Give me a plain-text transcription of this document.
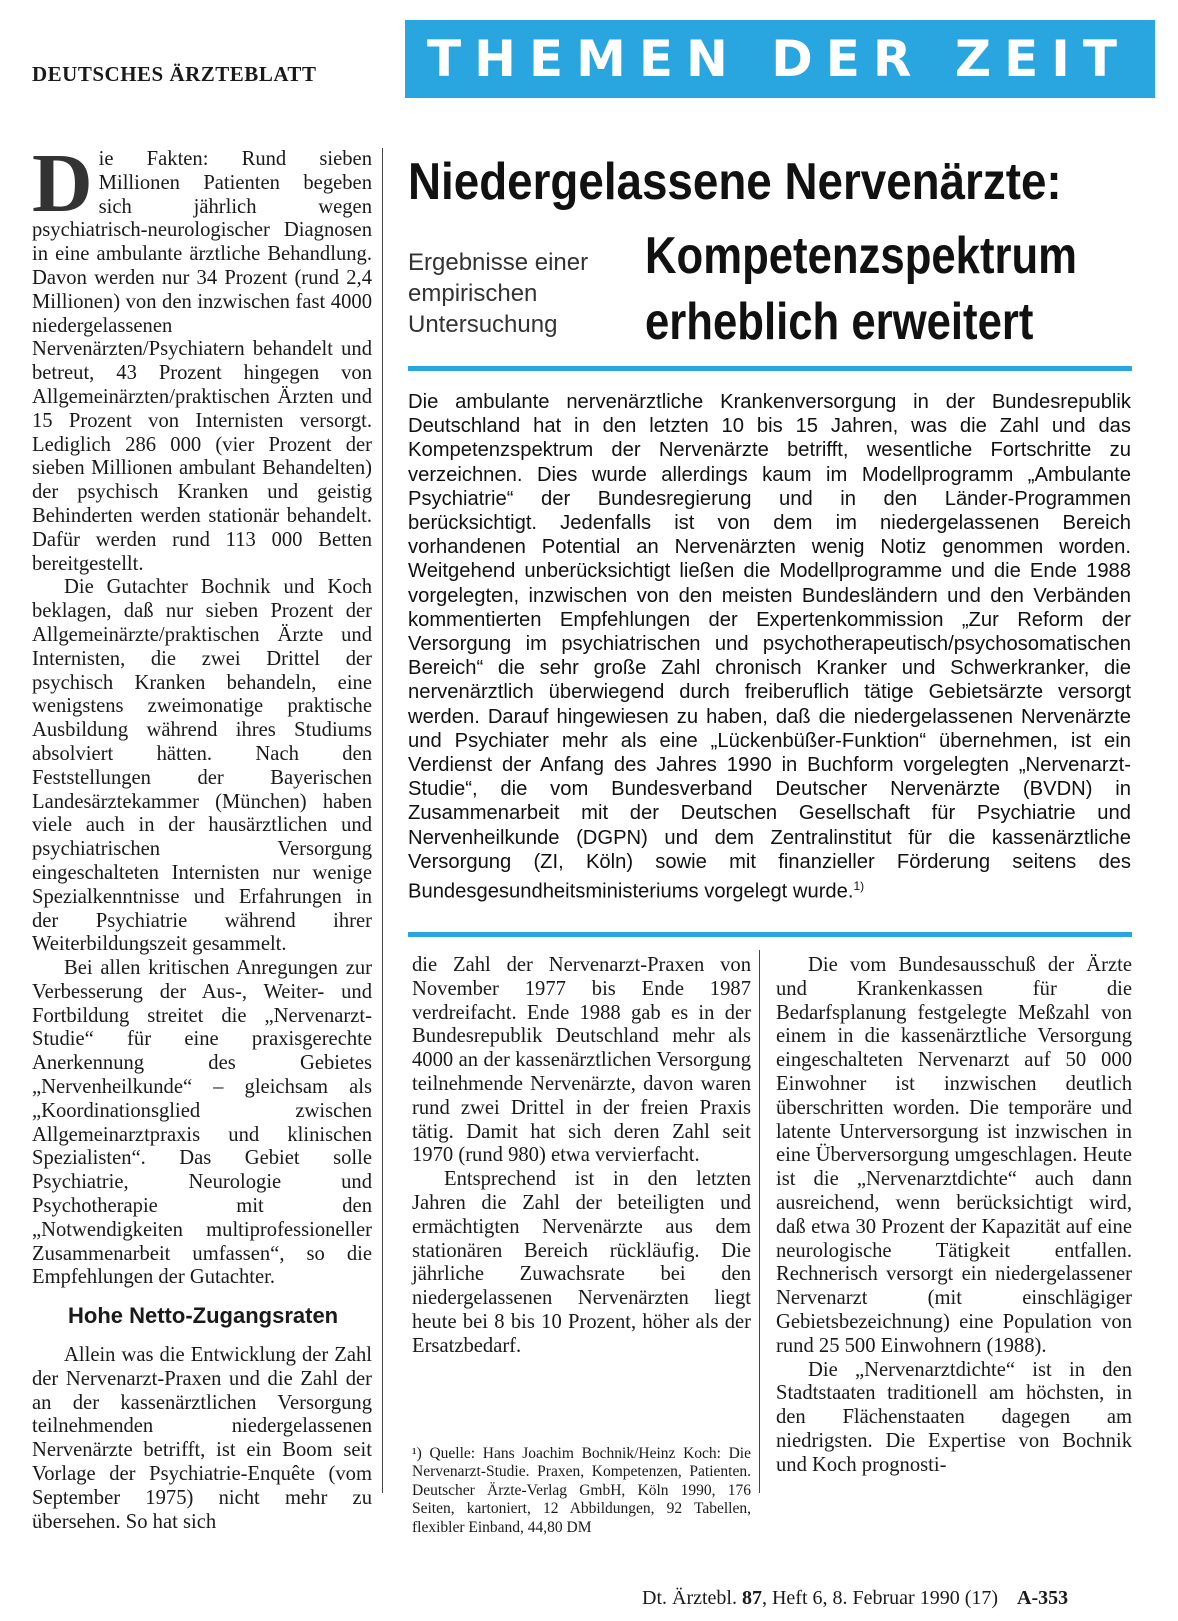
DEUTSCHES ÄRZTEBLATT	THEMEN DER ZEIT
Niedergelassene Nervenärzte:
Kompetenzspektrum
erheblich erweitert
Ergebnisse einer empirischen Untersuchung
Die ambulante nervenärztliche Krankenversorgung in der Bundesrepublik Deutschland hat in den letzten 10 bis 15 Jahren, was die Zahl und das Kompetenzspektrum der Nervenärzte betrifft, wesentliche Fortschritte zu verzeichnen. Dies wurde allerdings kaum im Modellprogramm „Ambulante Psychiatrie“ der Bundesregierung und in den Länder-Programmen berücksichtigt. Jedenfalls ist von dem im niedergelassenen Bereich vorhandenen Potential an Nervenärzten wenig Notiz genommen worden. Weitgehend unberücksichtigt ließen die Modellprogramme und die Ende 1988 vorgelegten, inzwischen von den meisten Bundesländern und den Verbänden kommentierten Empfehlungen der Expertenkommission „Zur Reform der Versorgung im psychiatrischen und psychotherapeutisch/psychosomatischen Bereich“ die sehr große Zahl chronisch Kranker und Schwerkranker, die nervenärztlich überwiegend durch freiberuflich tätige Gebietsärzte versorgt werden. Darauf hingewiesen zu haben, daß die niedergelassenen Nervenärzte und Psychiater mehr als eine „Lückenbüßer-Funktion“ übernehmen, ist ein Verdienst der Anfang des Jahres 1990 in Buchform vorgelegten „Nervenarzt-Studie“, die vom Bundesverband Deutscher Nervenärzte (BVDN) in Zusammenarbeit mit der Deutschen Gesellschaft für Psychiatrie und Nervenheilkunde (DGPN) und dem Zentralinstitut für die kassenärztliche Versorgung (ZI, Köln) sowie mit finanzieller Förderung seitens des Bundesgesundheitsministeriums vorgelegt wurde.$^{1)}$

Die Fakten: Rund sieben Millionen Patienten begeben sich jährlich wegen psychiatrisch-neurologischer Diagnosen in eine ambulante ärztliche Behandlung. Davon werden nur 34 Prozent (rund 2,4 Millionen) von den inzwischen fast 4000 niedergelassenen Nervenärzten/Psychiatern behandelt und betreut, 43 Prozent hingegen von Allgemeinärzten/praktischen Ärzten und 15 Prozent von Internisten versorgt. Lediglich 286 000 (vier Prozent der sieben Millionen ambulant Behandelten) der psychisch Kranken und geistig Behinderten werden stationär behandelt. Dafür werden rund 113 000 Betten bereitgestellt.

Die Gutachter Bochnik und Koch beklagen, daß nur sieben Prozent der Allgemeinärzte/praktischen Ärzte und Internisten, die zwei Drittel der psychisch Kranken behandeln, eine wenigstens zweimonatige praktische Ausbildung während ihres Studiums absolviert hätten. Nach den Feststellungen der Bayerischen Landesärztekammer (München) haben viele auch in der hausärztlichen und psychiatrischen Versorgung eingeschalteten Internisten nur wenige Spezialkenntnisse und Erfahrungen in der Psychiatrie während ihrer Weiterbildungszeit gesammelt.

Bei allen kritischen Anregungen zur Verbesserung der Aus-, Weiter- und Fortbildung streitet die „Nervenarzt-Studie“ für eine praxisgerechte Anerkennung des Gebietes „Nervenheilkunde“ – gleichsam als „Koordinationsglied zwischen Allgemeinarztpraxis und klinischen Spezialisten“. Das Gebiet solle Psychiatrie, Neurologie und Psychotherapie mit den „Notwendigkeiten multiprofessioneller Zusammenarbeit umfassen“, so die Empfehlungen der Gutachter.

Hohe Netto-Zugangsraten

Allein was die Entwicklung der Zahl der Nervenarzt-Praxen und die Zahl der an der kassenärztlichen Versorgung teilnehmenden niedergelassenen Nervenärzte betrifft, ist ein Boom seit Vorlage der Psychiatrie-Enquête (vom September 1975) nicht mehr zu übersehen. So hat sich

die Zahl der Nervenarzt-Praxen von November 1977 bis Ende 1987 verdreifacht. Ende 1988 gab es in der Bundesrepublik Deutschland mehr als 4000 an der kassenärztlichen Versorgung teilnehmende Nervenärzte, davon waren rund zwei Drittel in der freien Praxis tätig. Damit hat sich deren Zahl seit 1970 (rund 980) etwa vervierfacht.

Entsprechend ist in den letzten Jahren die Zahl der beteiligten und ermächtigten Nervenärzte aus dem stationären Bereich rückläufig. Die jährliche Zuwachsrate bei den niedergelassenen Nervenärzten liegt heute bei 8 bis 10 Prozent, höher als der Ersatzbedarf.

¹) Quelle: Hans Joachim Bochnik/Heinz Koch: Die Nervenarzt-Studie. Praxen, Kompetenzen, Patienten. Deutscher Ärzte-Verlag GmbH, Köln 1990, 176 Seiten, kartoniert, 12 Abbildungen, 92 Tabellen, flexibler Einband, 44,80 DM

Die vom Bundesausschuß der Ärzte und Krankenkassen für die Bedarfsplanung festgelegte Meßzahl von einem in die kassenärztliche Versorgung eingeschalteten Nervenarzt auf 50 000 Einwohner ist inzwischen deutlich überschritten worden. Die temporäre und latente Unterversorgung ist inzwischen in eine Überversorgung umgeschlagen. Heute ist die „Nervenarztdichte“ auch dann ausreichend, wenn berücksichtigt wird, daß etwa 30 Prozent der Kapazität auf eine neurologische Tätigkeit entfallen. Rechnerisch versorgt ein niedergelassener Nervenarzt (mit einschlägiger Gebietsbezeichnung) eine Population von rund 25 500 Einwohnern (1988).

Die „Nervenarztdichte“ ist in den Stadtstaaten traditionell am höchsten, in den Flächenstaaten dagegen am niedrigsten. Die Expertise von Bochnik und Koch prognosti-

Dt. Ärztebl. 87, Heft 6, 8. Februar 1990 (17) A-353
